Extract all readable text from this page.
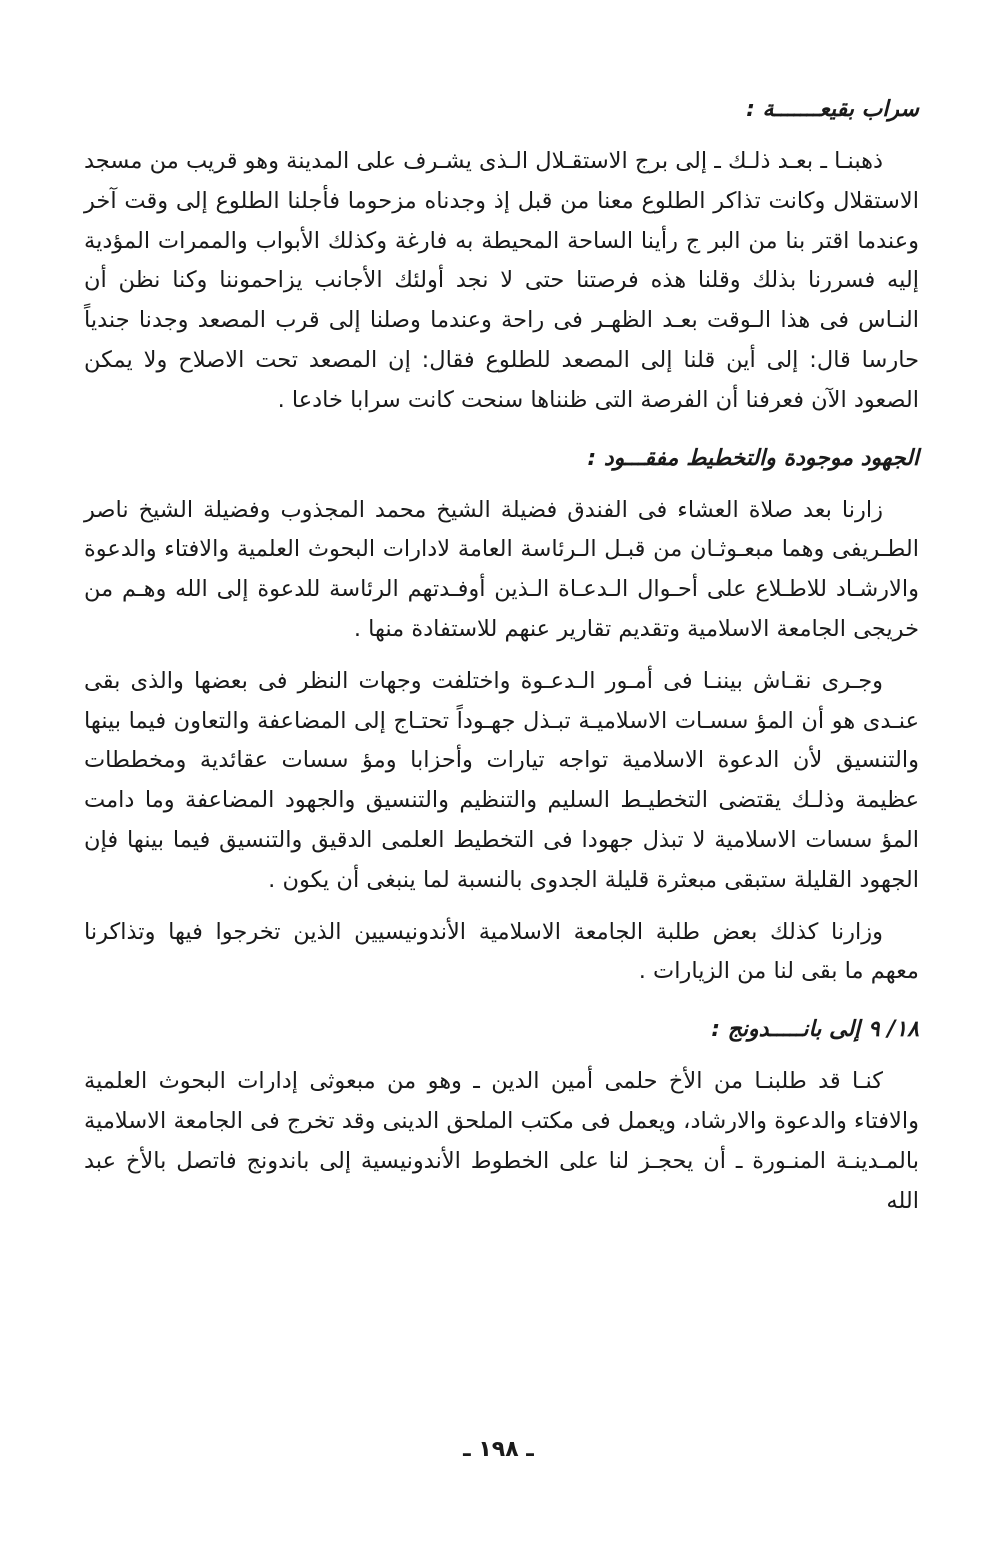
سراب بقيعـــــــة :

ذهبنـا ـ بعـد ذلـك ـ إلى برج الاستقـلال الـذى يشـرف على المدينة وهو قريب من مسجد الاستقلال وكانت تذاكر الطلوع معنا من قبل إذ وجدناه مزحوما فأجلنا الطلوع إلى وقت آخر وعندما اقتر بنا من البر ج رأينا الساحة المحيطة به فارغة وكذلك الأبواب والممرات المؤدية إليه فسررنا بذلك وقلنا هذه فرصتنا حتى لا نجد أولئك الأجانب يزاحموننا وكنا نظن أن النـاس فى هذا الـوقت بعـد الظهـر فى راحة وعندما وصلنا إلى قرب المصعد وجدنا جندياً حارسا قال: إلى أين قلنا إلى المصعد للطلوع فقال: إن المصعد تحت الاصلاح ولا يمكن الصعود الآن فعرفنا أن الفرصة التى ظنناها سنحت كانت سرابا خادعا .

الجهود موجودة والتخطيط مفقـــود :

زارنا بعد صلاة العشاء فى الفندق فضيلة الشيخ محمد المجذوب وفضيلة الشيخ ناصر الطـريفى وهما مبعـوثـان من قبـل الـرئاسة العامة لادارات البحوث العلمية والافتاء والدعوة والارشـاد للاطـلاع على أحـوال الـدعـاة الـذين أوفـدتهم الرئاسة للدعوة إلى الله وهـم من خريجى الجامعة الاسلامية وتقديم تقارير عنهم للاستفادة منها .

وجـرى نقـاش بيننـا فى أمـور الـدعـوة واختلفت وجهات النظر فى بعضها والذى بقى عنـدى هو أن المؤ سسـات الاسلاميـة تبـذل جهـوداً تحتـاج إلى المضاعفة والتعاون فيما بينها والتنسيق لأن الدعوة الاسلامية تواجه تيارات وأحزابا ومؤ سسات عقائدية ومخططات عظيمة وذلـك يقتضى التخطيـط السليم والتنظيم والتنسيق والجهود المضاعفة وما دامت المؤ سسات الاسلامية لا تبذل جهودا فى التخطيط العلمى الدقيق والتنسيق فيما بينها فإن الجهود القليلة ستبقى مبعثرة قليلة الجدوى بالنسبة لما ينبغى أن يكون .

وزارنا كذلك بعض طلبة الجامعة الاسلامية الأندونيسيين الذين تخرجوا فيها وتذاكرنا معهم ما بقى لنا من الزيارات .

١٨/ ٩ إلى بانـــــدونج :

كنـا قد طلبنـا من الأخ حلمى أمين الدين ـ وهو من مبعوثى إدارات البحوث العلمية والافتاء والدعوة والارشاد، ويعمل فى مكتب الملحق الدينى وقد تخرج فى الجامعة الاسلامية بالمـدينـة المنـورة ـ أن يحجـز لنا على الخطوط الأندونيسية إلى باندونج فاتصل بالأخ عبد الله

ـ ١٩٨ ـ
